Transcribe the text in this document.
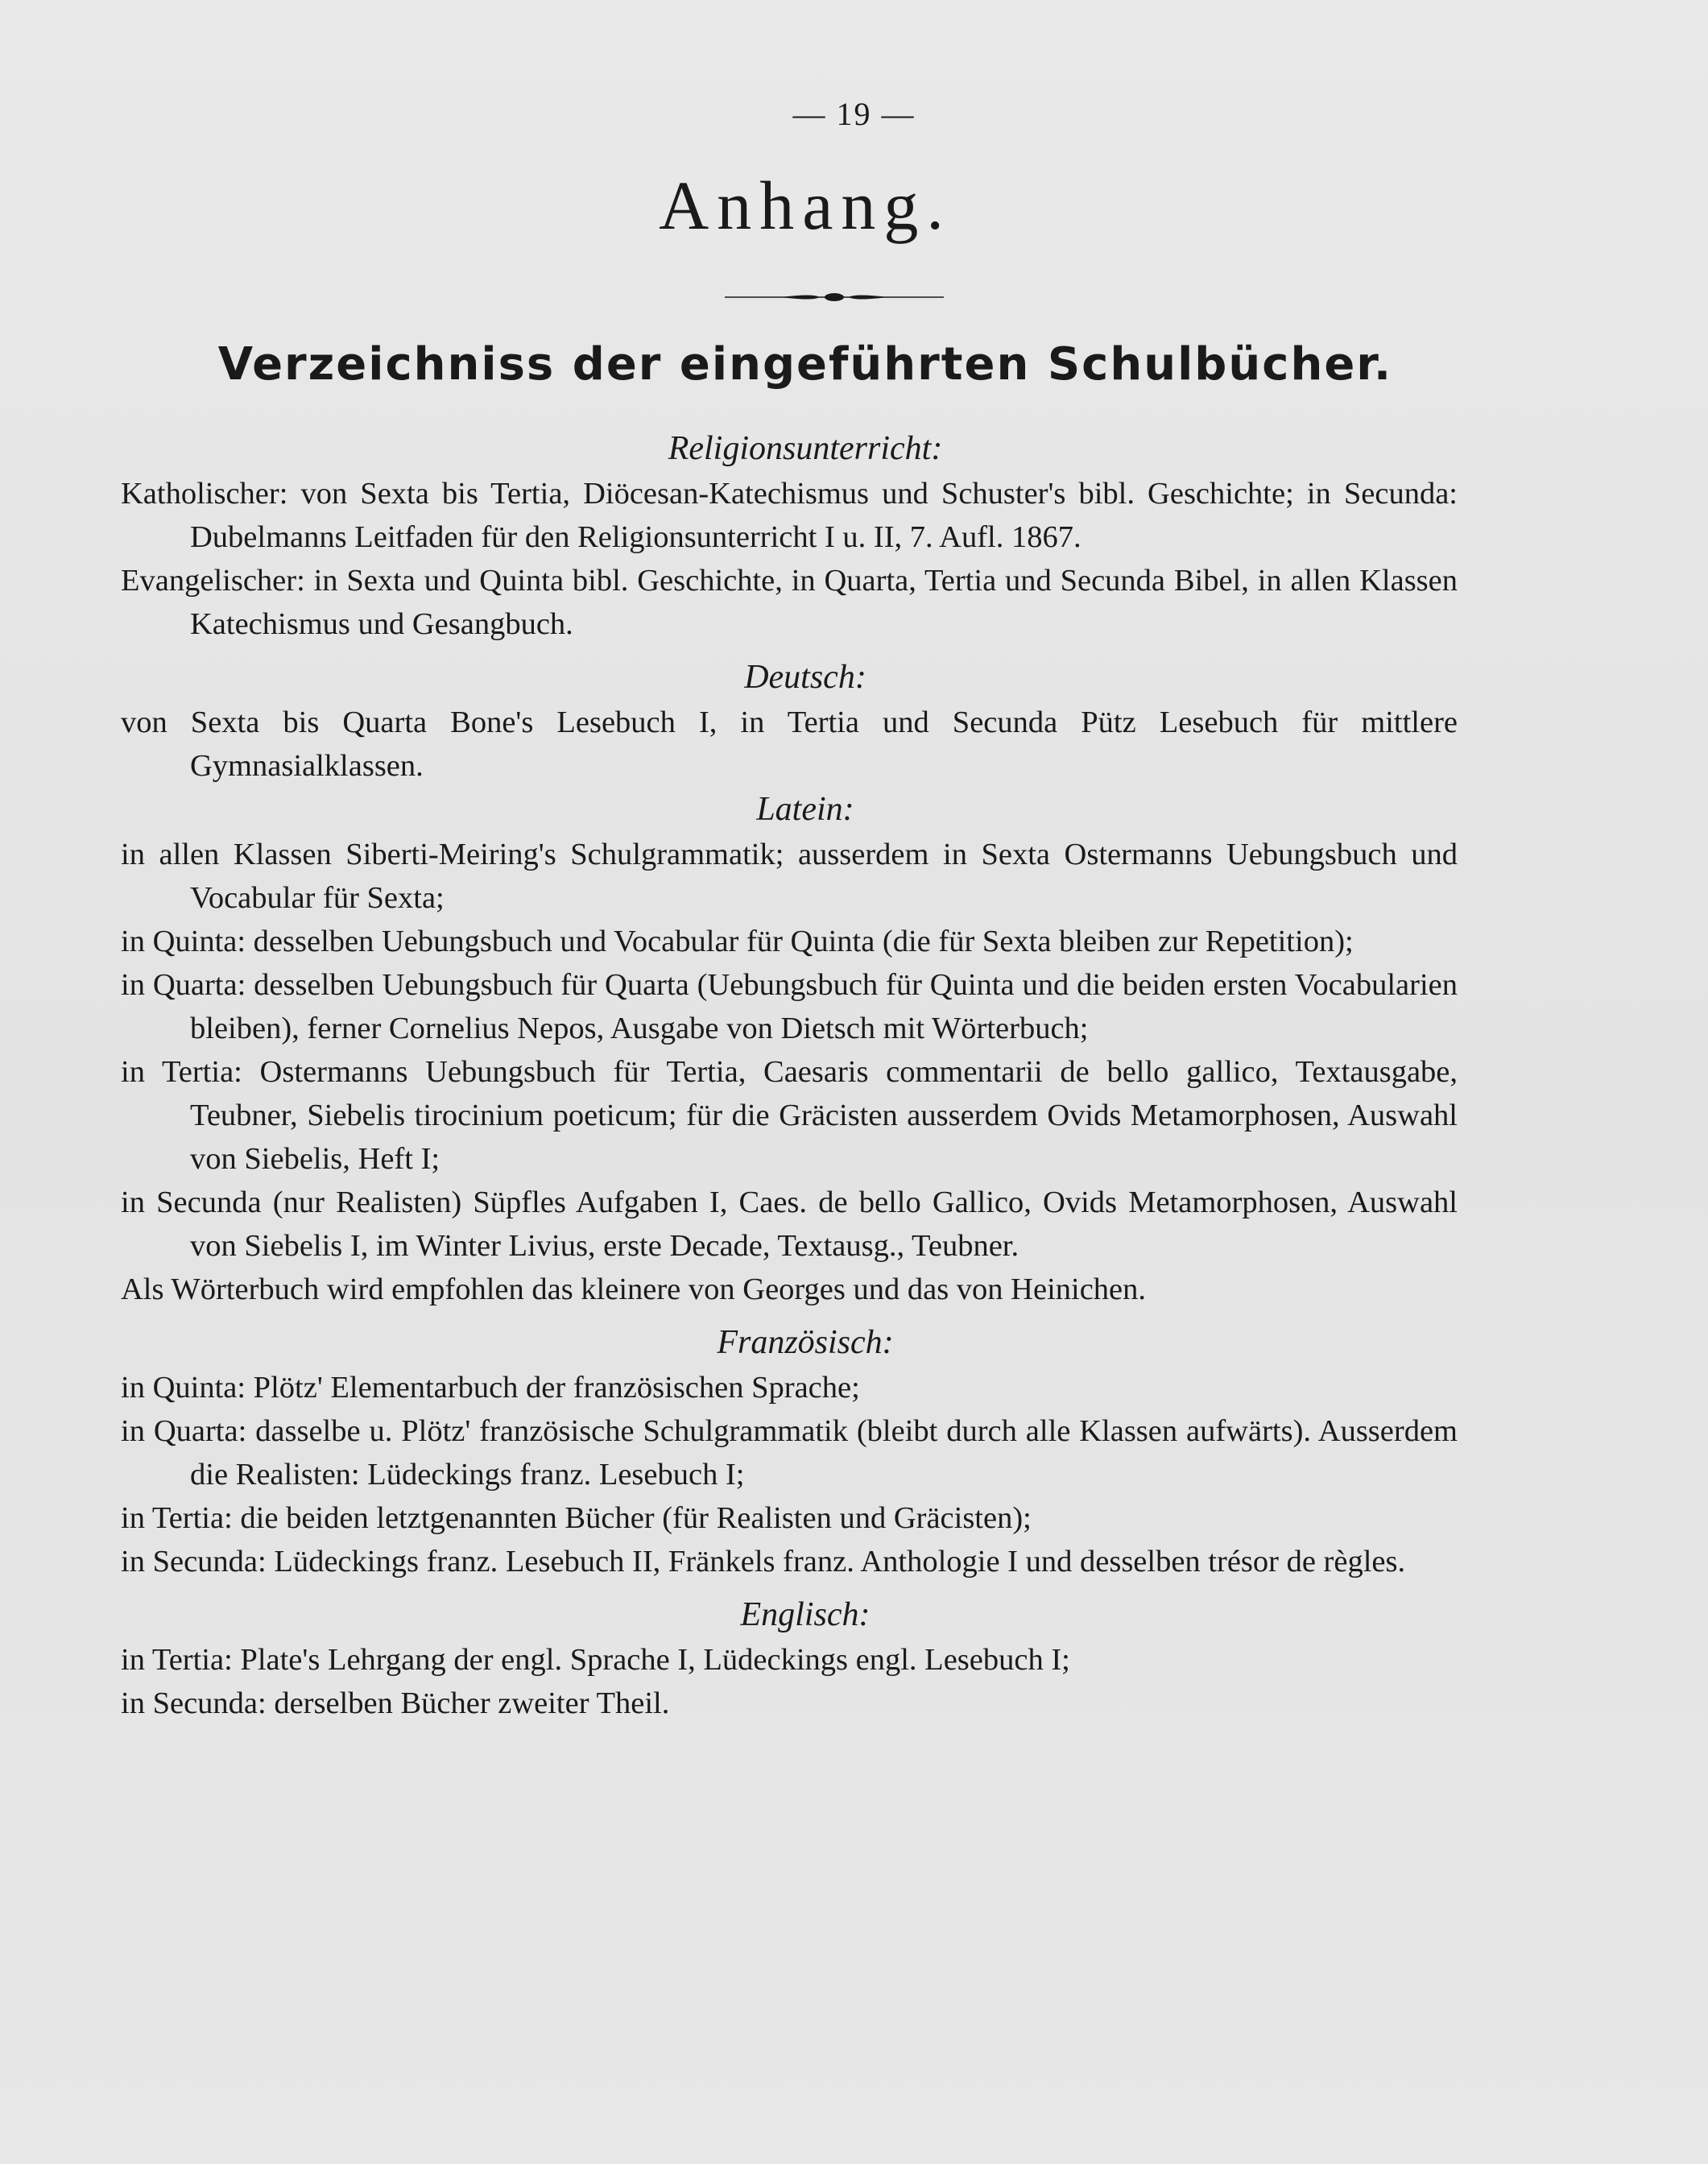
— 19 —
Anhang.
Verzeichniss der eingeführten Schulbücher.
Religionsunterricht:

Katholischer: von Sexta bis Tertia, Diöcesan-Katechismus und Schuster's bibl. Geschichte; in Secunda: Dubelmanns Leitfaden für den Religionsunterricht I u. II, 7. Aufl. 1867.

Evangelischer: in Sexta und Quinta bibl. Geschichte, in Quarta, Tertia und Secunda Bibel, in allen Klassen Katechismus und Gesangbuch.

Deutsch:

von Sexta bis Quarta Bone's Lesebuch I, in Tertia und Secunda Pütz Lesebuch für mittlere Gymnasialklassen.

Latein:

in allen Klassen Siberti-Meiring's Schulgrammatik; ausserdem in Sexta Ostermanns Uebungsbuch und Vocabular für Sexta;

in Quinta: desselben Uebungsbuch und Vocabular für Quinta (die für Sexta bleiben zur Repetition);

in Quarta: desselben Uebungsbuch für Quarta (Uebungsbuch für Quinta und die beiden ersten Vocabularien bleiben), ferner Cornelius Nepos, Ausgabe von Dietsch mit Wörterbuch;

in Tertia: Ostermanns Uebungsbuch für Tertia, Caesaris commentarii de bello gallico, Textausgabe, Teubner, Siebelis tirocinium poeticum; für die Gräcisten ausserdem Ovids Metamorphosen, Auswahl von Siebelis, Heft I;

in Secunda (nur Realisten) Süpfles Aufgaben I, Caes. de bello Gallico, Ovids Metamorphosen, Auswahl von Siebelis I, im Winter Livius, erste Decade, Textausg., Teubner.

Als Wörterbuch wird empfohlen das kleinere von Georges und das von Heinichen.

Französisch:

in Quinta: Plötz' Elementarbuch der französischen Sprache;

in Quarta: dasselbe u. Plötz' französische Schulgrammatik (bleibt durch alle Klassen aufwärts). Ausserdem die Realisten: Lüdeckings franz. Lesebuch I;

in Tertia: die beiden letztgenannten Bücher (für Realisten und Gräcisten);

in Secunda: Lüdeckings franz. Lesebuch II, Fränkels franz. Anthologie I und desselben trésor de règles.

Englisch:

in Tertia: Plate's Lehrgang der engl. Sprache I, Lüdeckings engl. Lesebuch I;

in Secunda: derselben Bücher zweiter Theil.
